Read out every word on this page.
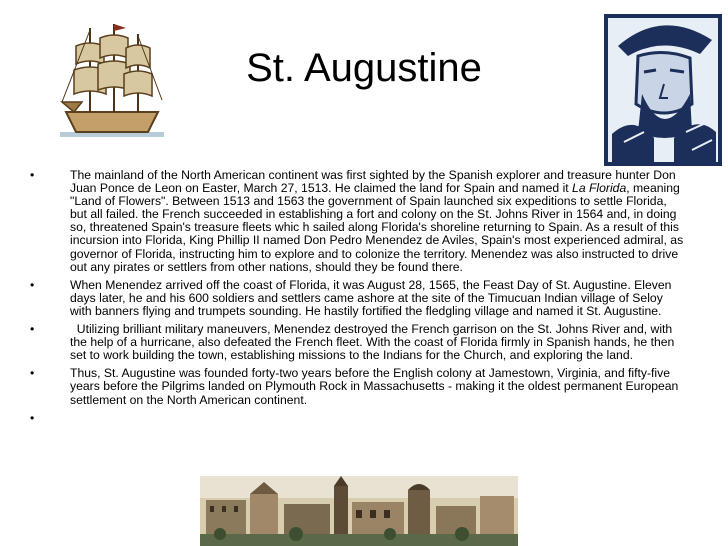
St. Augustine
•	The mainland of the North American continent was first sighted by the Spanish explorer and treasure hunter Don Juan Ponce de Leon on Easter, March 27, 1513. He claimed the land for Spain and named it La Florida, meaning "Land of Flowers". Between 1513 and 1563 the government of Spain launched six expeditions to settle Florida, but all failed. the French succeeded in establishing a fort and colony on the St. Johns River in 1564 and, in doing so, threatened Spain's treasure fleets whic h sailed along Florida's shoreline returning to Spain. As a result of this incursion into Florida, King Phillip II named Don Pedro Menendez de Aviles, Spain's most experienced admiral, as governor of Florida, instructing him to explore and to colonize the territory. Menendez was also instructed to drive out any pirates or settlers from other nations, should they be found there.
•	When Menendez arrived off the coast of Florida, it was August 28, 1565, the Feast Day of St. Augustine. Eleven days later, he and his 600 soldiers and settlers came ashore at the site of the Timucuan Indian village of Seloy with banners flying and trumpets sounding. He hastily fortified the fledgling village and named it St. Augustine.
•	Utilizing brilliant military maneuvers, Menendez destroyed the French garrison on the St. Johns River and, with the help of a hurricane, also defeated the French fleet. With the coast of Florida firmly in Spanish hands, he then set to work building the town, establishing missions to the Indians for the Church, and exploring the land.
•	Thus, St. Augustine was founded forty-two years before the English colony at Jamestown, Virginia, and fifty-five years before the Pilgrims landed on Plymouth Rock in Massachusetts - making it the oldest permanent European settlement on the North American continent.
•
